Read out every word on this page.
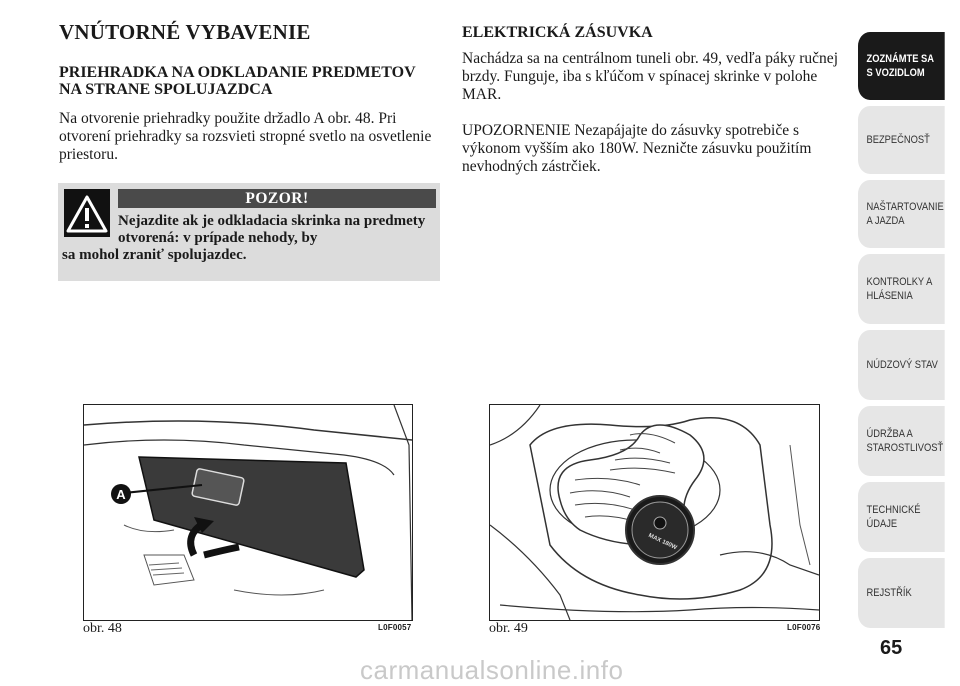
VNÚTORNÉ VYBAVENIE
PRIEHRADKA NA ODKLADANIE PREDMETOV NA STRANE SPOLUJAZDCA
Na otvorenie priehradky použite držadlo A obr. 48. Pri otvorení priehradky sa rozsvieti stropné svetlo na osvetlenie priestoru.
POZOR!
Nejazdite ak je odkladacia skrinka na predmety otvorená: v prípade nehody, by
sa mohol zraniť spolujazdec.
ELEKTRICKÁ ZÁSUVKA
Nachádza sa na centrálnom tuneli obr. 49, vedľa páky ručnej brzdy. Funguje, iba s kľúčom v spínacej skrinke v polohe MAR.
UPOZORNENIE Nezapájajte do zásuvky spotrebiče s výkonom vyšším ako 180W. Nezničte zásuvku použitím nevhodných zástrčiek.
A
obr. 48	L0F0057
MAX 180W
obr. 49	L0F0076
ZOZNÁMTE SA S VOZIDLOM
BEZPEČNOSŤ
NAŠTARTOVANIE A JAZDA
KONTROLKY A HLÁSENIA
NÚDZOVÝ STAV
ÚDRŽBA A STAROSTLIVOSŤ
TECHNICKÉ ÚDAJE
REJSTŘÍK
65
carmanualsonline.info
